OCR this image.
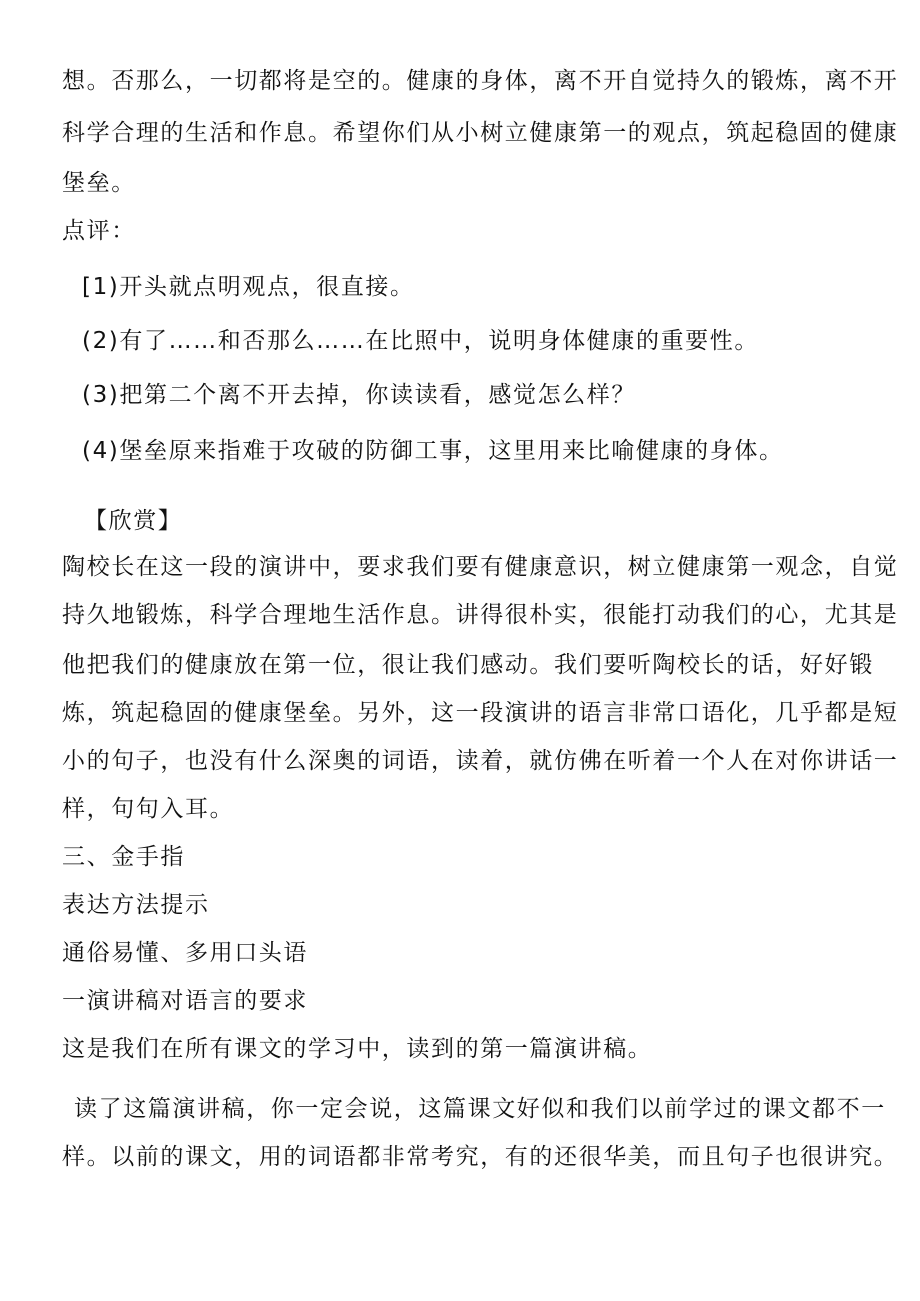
想。否那么，一切都将是空的。健康的身体，离不开自觉持久的锻炼，离不开
科学合理的生活和作息。希望你们从小树立健康第一的观点，筑起稳固的健康
堡垒。
点评：
[1)开头就点明观点，很直接。
(2)有了……和否那么……在比照中，说明身体健康的重要性。
(3)把第二个离不开去掉，你读读看，感觉怎么样？
(4)堡垒原来指难于攻破的防御工事，这里用来比喻健康的身体。
【欣赏】
陶校长在这一段的演讲中，要求我们要有健康意识，树立健康第一观念，自觉
持久地锻炼，科学合理地生活作息。讲得很朴实，很能打动我们的心，尤其是
他把我们的健康放在第一位，很让我们感动。我们要听陶校长的话，好好锻
炼，筑起稳固的健康堡垒。另外，这一段演讲的语言非常口语化，几乎都是短
小的句子，也没有什么深奥的词语，读着，就仿佛在听着一个人在对你讲话一
样，句句入耳。
三、金手指
表达方法提示
通俗易懂、多用口头语
一演讲稿对语言的要求
这是我们在所有课文的学习中，读到的第一篇演讲稿。
读了这篇演讲稿，你一定会说，这篇课文好似和我们以前学过的课文都不一
样。以前的课文，用的词语都非常考究，有的还很华美，而且句子也很讲究。
